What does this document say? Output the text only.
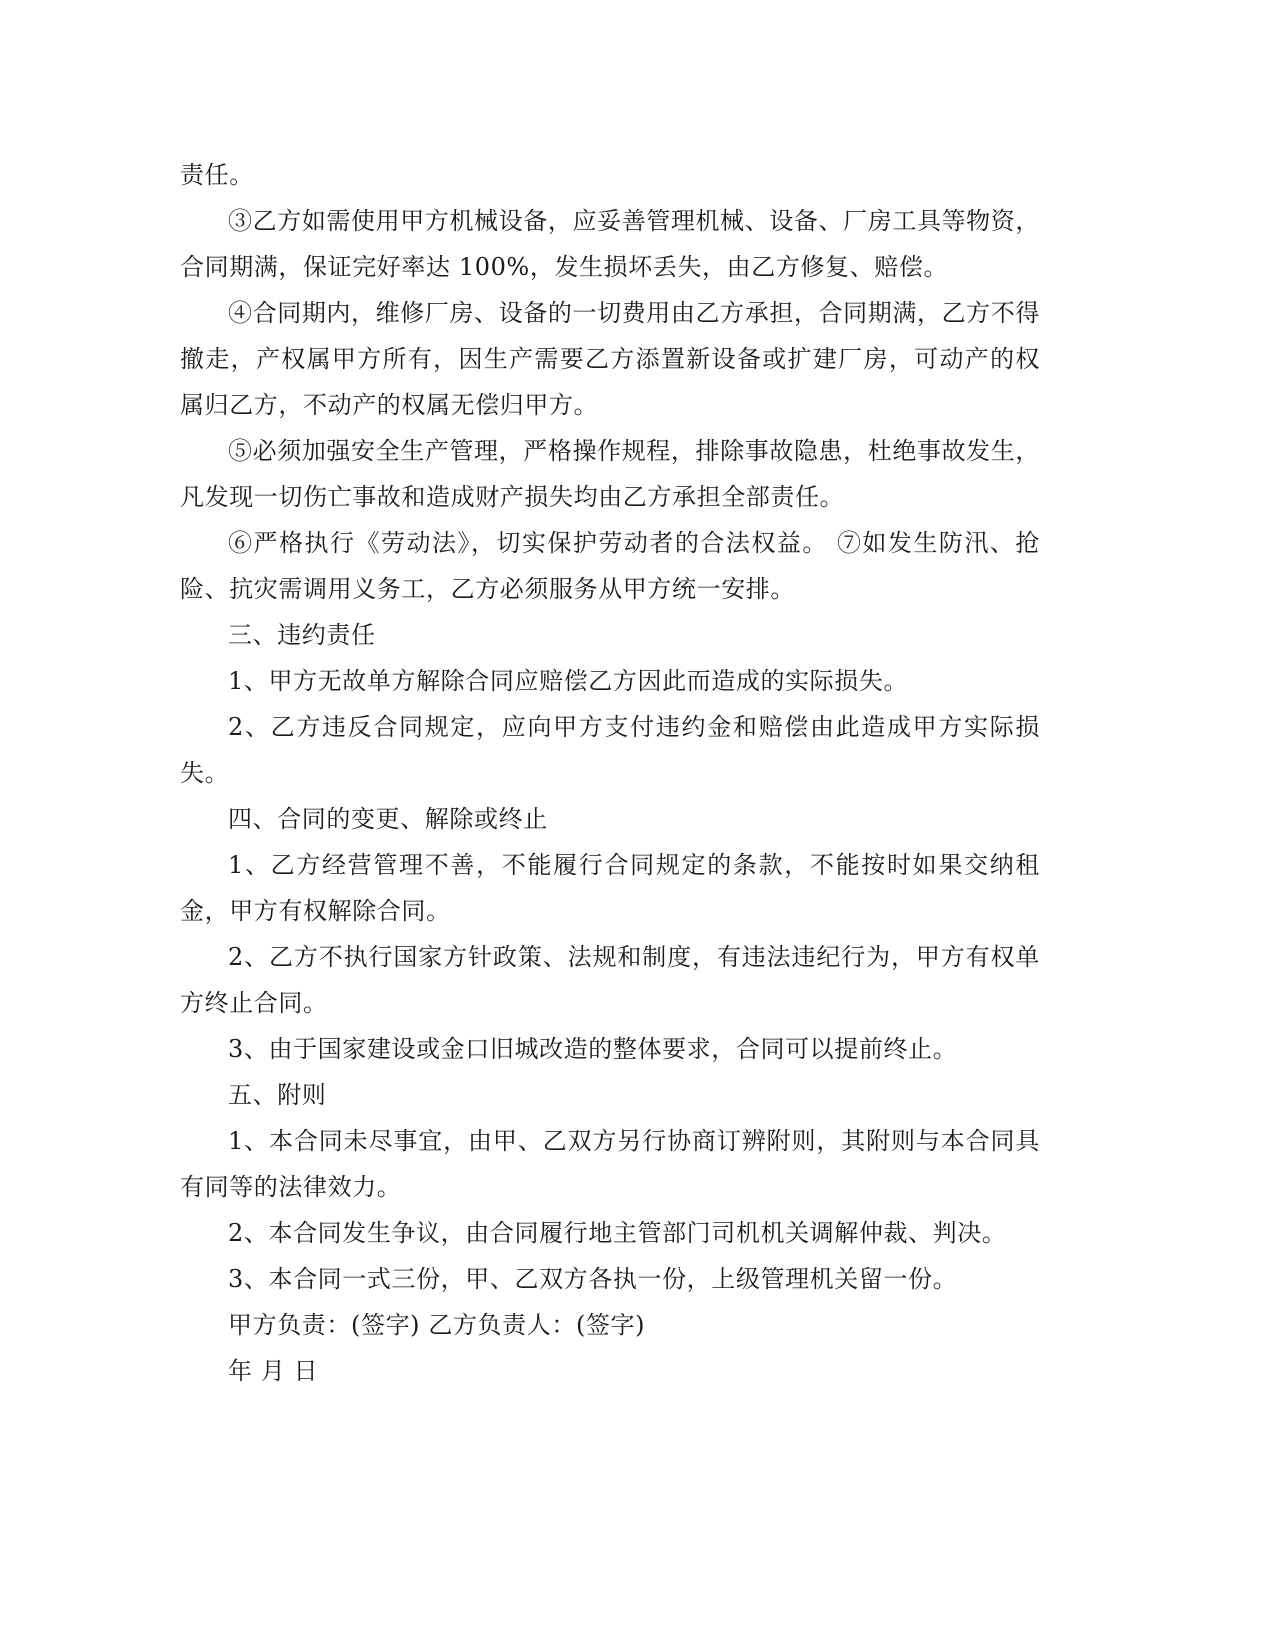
责任。

③乙方如需使用甲方机械设备，应妥善管理机械、设备、厂房工具等物资，合同期满，保证完好率达 100%，发生损坏丢失，由乙方修复、赔偿。

④合同期内，维修厂房、设备的一切费用由乙方承担，合同期满，乙方不得撤走，产权属甲方所有，因生产需要乙方添置新设备或扩建厂房，可动产的权属归乙方，不动产的权属无偿归甲方。

⑤必须加强安全生产管理，严格操作规程，排除事故隐患，杜绝事故发生，凡发现一切伤亡事故和造成财产损失均由乙方承担全部责任。

⑥严格执行《劳动法》，切实保护劳动者的合法权益。 ⑦如发生防汛、抢险、抗灾需调用义务工，乙方必须服务从甲方统一安排。

三、违约责任

1、甲方无故单方解除合同应赔偿乙方因此而造成的实际损失。

2、乙方违反合同规定，应向甲方支付违约金和赔偿由此造成甲方实际损失。

四、合同的变更、解除或终止

1、乙方经营管理不善，不能履行合同规定的条款，不能按时如果交纳租金，甲方有权解除合同。

2、乙方不执行国家方针政策、法规和制度，有违法违纪行为，甲方有权单方终止合同。

3、由于国家建设或金口旧城改造的整体要求，合同可以提前终止。

五、附则

1、本合同未尽事宜，由甲、乙双方另行协商订辨附则，其附则与本合同具有同等的法律效力。

2、本合同发生争议，由合同履行地主管部门司机机关调解仲裁、判决。

3、本合同一式三份，甲、乙双方各执一份，上级管理机关留一份。

甲方负责：(签字) 乙方负责人：(签字)

年 月 日
